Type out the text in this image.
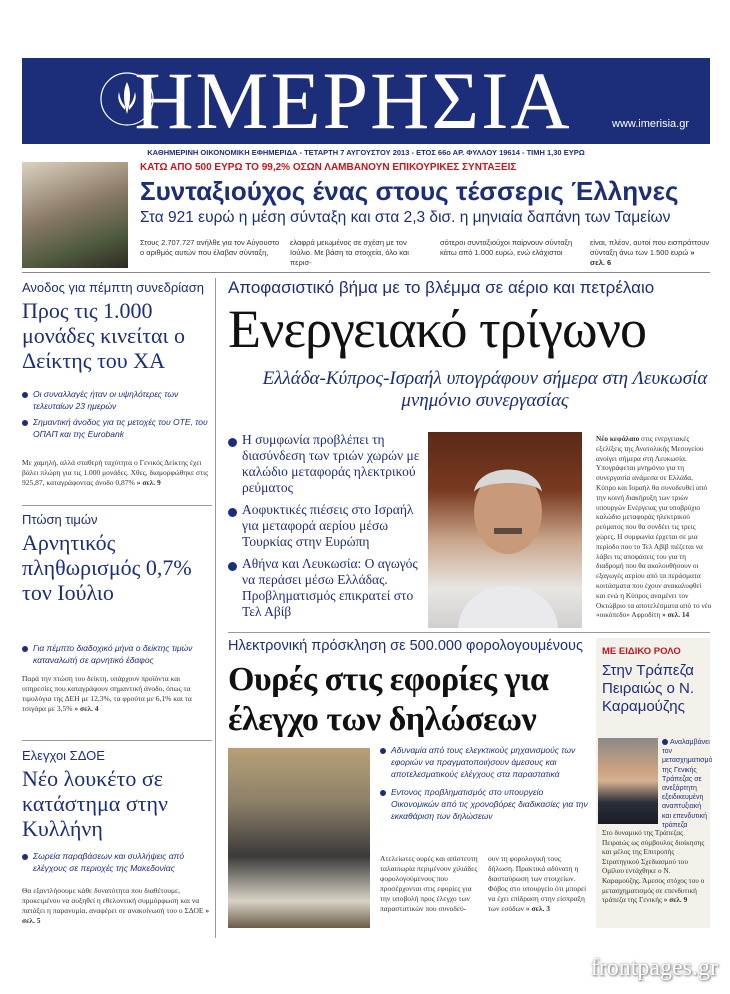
ΗΜΕΡΗΣΙΑ	www.imerisia.gr
ΚΑΘΗΜΕΡΙΝΗ ΟΙΚΟΝΟΜΙΚΗ ΕΦΗΜΕΡΙΔΑ - ΤΕΤΑΡΤΗ 7 ΑΥΓΟΥΣΤΟΥ 2013 - ΕΤΟΣ 66ο ΑΡ. ΦΥΛΛΟΥ 19614 - ΤΙΜΗ 1,30 ΕΥΡΩ
ΚΑΤΩ ΑΠΟ 500 ΕΥΡΩ ΤΟ 99,2% ΟΣΩΝ ΛΑΜΒΑΝΟΥΝ ΕΠΙΚΟΥΡΙΚΕΣ ΣΥΝΤΑΞΕΙΣ
Συνταξιούχος ένας στους τέσσερις Έλληνες
Στα 921 ευρώ η μέση σύνταξη και στα 2,3 δισ. η μηνιαία δαπάνη των Ταμείων
Στους 2.707.727 ανήλθε για τον Αύγουστο ο αριθμός αυτών που έλαβαν σύνταξη,
ελαφρά μειωμένος σε σχέση με τον Ιούλιο. Με βάση τα στοιχεία, όλο και περισ-
σότεροι συνταξιούχοι παίρνουν σύνταξη κάτω από 1.000 ευρώ, ενώ ελάχιστοι
είναι, πλέον, αυτοί που εισπράττουν σύνταξη άνω των 1.500 ευρώ » σελ. 6
Ανοδος για πέμπτη συνεδρίαση
Προς τις 1.000 μονάδες κινείται ο Δείκτης του ΧΑ
Οι συναλλαγές ήταν οι υψηλότερες των τελευταίων 23 ημερών
Σημαντική άνοδος για τις μετοχές του ΟΤΕ, του ΟΠΑΠ και της Eurobank
Με χαμηλή, αλλά σταθερή ταχύτητα ο Γενικός Δείκτης έχει βάλει πλώρη για τις 1.000 μονάδες. Χθες, διαμορφώθηκε στις 925,87, καταγράφοντας άνοδο 0,87% » σελ. 9
Πτώση τιμών
Αρνητικός πληθωρισμός 0,7% τον Ιούλιο
Για πέμπτο διαδοχικό μήνα ο δείκτης τιμών καταναλωτή σε αρνητικό έδαφος
Παρά την πτώση του δείκτη, υπάρχουν προϊόντα και υπηρεσίες που καταγράφουν σημαντική άνοδο, όπως τα τιμολόγια της ΔΕΗ με 12,3%, τα φρούτα με 6,1% και τα τσιγάρα με 3,5% » σελ. 4
Ελεγχοι ΣΔΟΕ
Νέο λουκέτο σε κατάστημα στην Κυλλήνη
Σωρεία παραβάσεων και συλλήψεις από ελέγχους σε περιοχές της Μακεδονίας
Θα εξαντλήσουμε κάθε δυνατότητα που διαθέτουμε, προκειμένου να αυξηθεί η εθελοντική συμμόρφωση και να πατάξει η παρανομία, αναφέρει σε ανακοίνωσή του ο ΣΔΟΕ » σελ. 5
Αποφασιστικό βήμα με το βλέμμα σε αέριο και πετρέλαιο
Ενεργειακό τρίγωνο
Ελλάδα-Κύπρος-Ισραήλ υπογράφουν σήμερα στη Λευκωσία μνημόνιο συνεργασίας
Η συμφωνία προβλέπει τη διασύνδεση των τριών χωρών με καλώδιο μεταφοράς ηλεκτρικού ρεύματος
Αοφυκτικές πιέσεις στο Ισραήλ για μεταφορά αερίου μέσω Τουρκίας στην Ευρώπη
Αθήνα και Λευκωσία: Ο αγωγός να περάσει μέσω Ελλάδας. Προβληματισμός επικρατεί στο Τελ Αβίβ
Νέο κεφάλαιο στις ενεργειακές εξελίξεις της Ανατολικής Μεσογείου ανοίγει σήμερα στη Λευκωσία. Υπογράφεται μνημόνιο για τη συνεργασία ανάμεσα σε Ελλάδα, Κύπρο και Ισραήλ θα συνοδευθεί από την κοινή διακήρυξη των τριών υπουργών Ενέργειας για υποβρύχιο καλώδιο μεταφοράς ηλεκτρικού ρεύματος που θα συνδέει τις τρεις χώρες. Η συμφωνία έρχεται σε μια περίοδο που το Τελ Αβίβ πιέζεται να λάβει τις αποφάσεις του για τη διαδρομή που θα ακολουθήσουν οι εξαγωγές αερίου από τα περάσματα κοιτάσματα που έχουν ανακαλυφθεί και ενώ η Κύπρος αναμένει τον Οκτώβριο τα αποτελέσματα από το νέο «οικόπεδο» Αφροδίτη » σελ. 14
Ηλεκτρονική πρόσκληση σε 500.000 φορολογουμένους
Ουρές στις εφορίες για έλεγχο των δηλώσεων
Αδυναμία από τους ελεγκτικούς μηχανισμούς των εφοριών να πραγματοποιήσουν άμεσους και αποτελεσματικούς ελέγχους στα παραστατικά
Εντονος προβληματισμός στο υπουργείο Οικονομικών από τις χρονοβόρες διαδικασίες για την εκκαθάριση των δηλώσεων
Ατελείωτες ουρές και απίστευτη ταλαιπωρία περιμένουν χιλιάδες φορολογούμενους που προσέρχονται στις εφορίες για την υποβολή προς έλεγχο των παραστατικών που συνοδεύ-
ουν τη φορολογική τους δήλωση. Πρακτικά αδύνατη η διασταύρωση των στοιχείων. Φόβος στο υπουργείο ότι μπορεί να έχει επίδραση στην είσπραξη των εσόδων » σελ. 3
ΜΕ ΕΙΔΙΚΟ ΡΟΛΟ
Στην Τράπεζα Πειραιώς ο Ν. Καραμούζης
Αναλαμβάνει τον μετασχηματισμό της Γενικής Τράπεζας σε ανεξάρτητη εξειδικευμένη αναπτυξιακή και επενδυτική τράπεζα
Στο δυναμικό της Τράπεζας Πειραιώς ως σύμβουλος διοίκησης και μέλος της Επιτροπής Στρατηγικού Σχεδιασμού του Ομίλου εντάχθηκε ο Ν. Καραμούζης. Άμεσος στόχος του ο μετασχηματισμός σε επενδυτική τράπεζα της Γενικής » σελ. 9
frontpages.gr
